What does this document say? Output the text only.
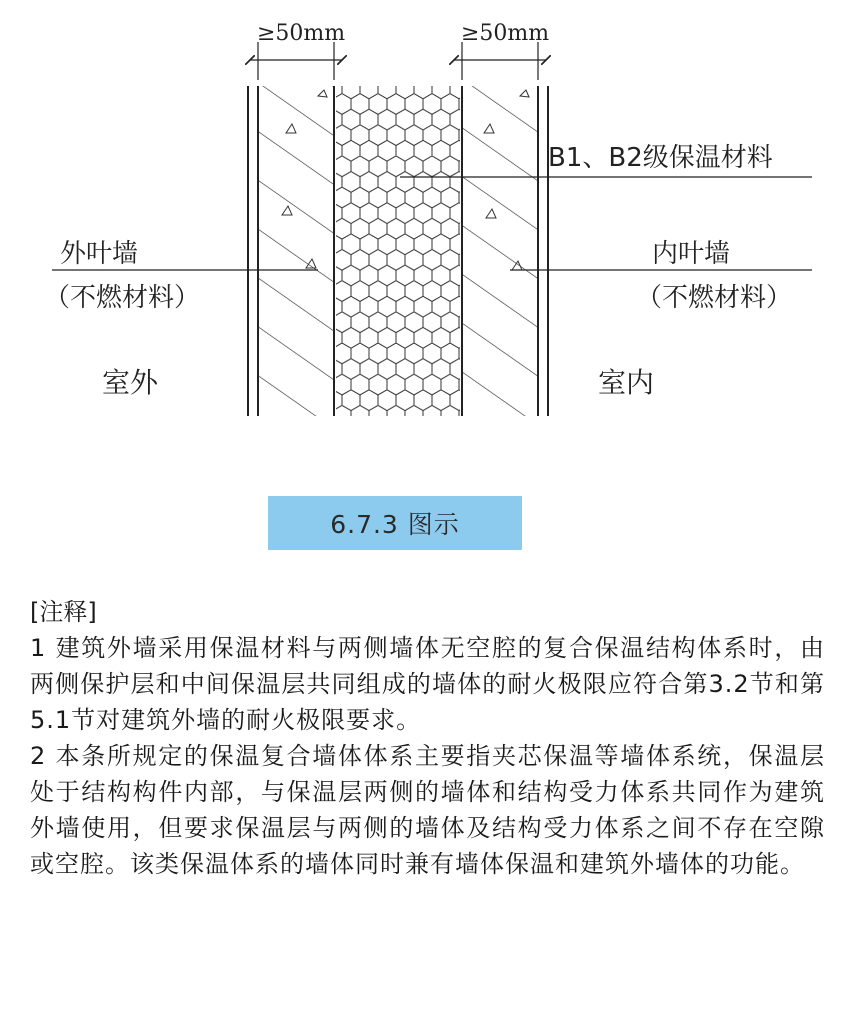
≥50mm	≥50mm
B1、B2级保温材料
外叶墙
（不燃材料）
内叶墙
（不燃材料）
室外	室内
6.7.3 图示

[注释]

1 建筑外墙采用保温材料与两侧墙体无空腔的复合保温结构体系时，由两侧保护层和中间保温层共同组成的墙体的耐火极限应符合第3.2节和第5.1节对建筑外墙的耐火极限要求。

2 本条所规定的保温复合墙体体系主要指夹芯保温等墙体系统，保温层处于结构构件内部，与保温层两侧的墙体和结构受力体系共同作为建筑外墙使用，但要求保温层与两侧的墙体及结构受力体系之间不存在空隙或空腔。该类保温体系的墙体同时兼有墙体保温和建筑外墙体的功能。
